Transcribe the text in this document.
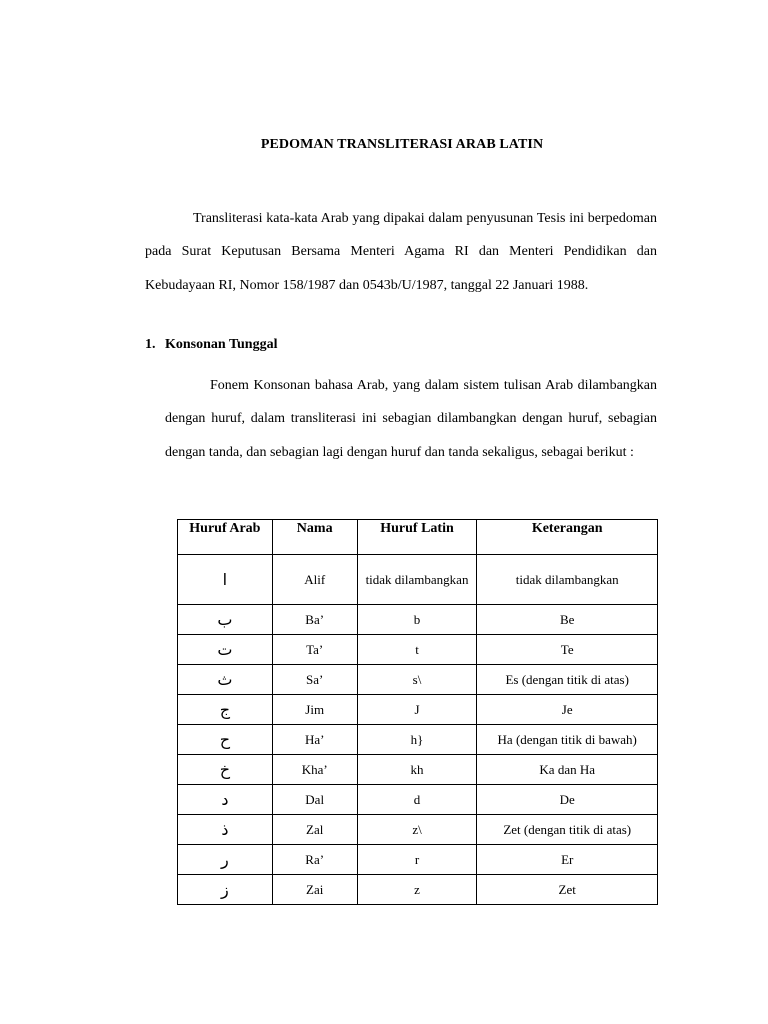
PEDOMAN TRANSLITERASI ARAB LATIN

Transliterasi kata-kata Arab yang dipakai dalam penyusunan Tesis ini berpedoman pada Surat Keputusan Bersama Menteri Agama RI dan Menteri Pendidikan dan Kebudayaan RI, Nomor 158/1987 dan 0543b/U/1987, tanggal 22 Januari 1988.

1. Konsonan Tunggal

Fonem Konsonan bahasa Arab, yang dalam sistem tulisan Arab dilambangkan dengan huruf, dalam transliterasi ini sebagian dilambangkan dengan huruf, sebagian dengan tanda, dan sebagian lagi dengan huruf dan tanda sekaligus, sebagai berikut :

Huruf Arab	Nama	Huruf Latin	Keterangan
ا	Alif	tidak dilambangkan	tidak dilambangkan
ب	Ba’	b	Be
ت	Ta’	t	Te
ث	Sa’	s\	Es (dengan titik di atas)
ج	Jim	J	Je
ح	Ha’	h}	Ha (dengan titik di bawah)
خ	Kha’	kh	Ka dan Ha
د	Dal	d	De
ذ	Zal	z\	Zet (dengan titik di atas)
ر	Ra’	r	Er
ز	Zai	z	Zet
